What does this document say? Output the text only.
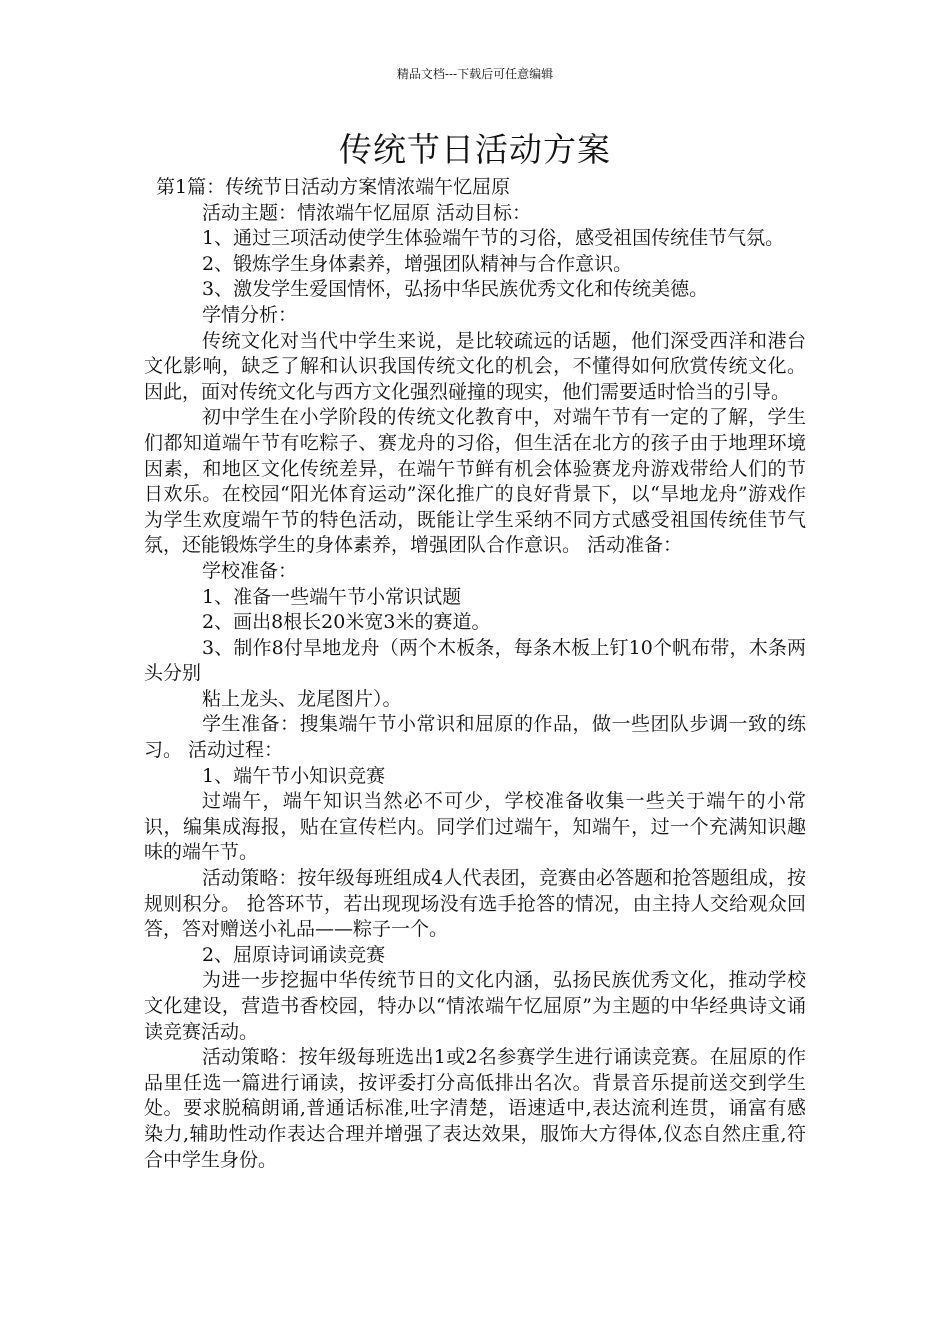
精品文档---下载后可任意编辑
传统节日活动方案

第1篇：传统节日活动方案情浓端午忆屈原

活动主题：情浓端午忆屈原 活动目标：

1、通过三项活动使学生体验端午节的习俗，感受祖国传统佳节气氛。

2、锻炼学生身体素养，增强团队精神与合作意识。

3、激发学生爱国情怀，弘扬中华民族优秀文化和传统美德。

学情分析：

传统文化对当代中学生来说，是比较疏远的话题，他们深受西洋和港台文化影响，缺乏了解和认识我国传统文化的机会，不懂得如何欣赏传统文化。因此，面对传统文化与西方文化强烈碰撞的现实，他们需要适时恰当的引导。

初中学生在小学阶段的传统文化教育中，对端午节有一定的了解，学生们都知道端午节有吃粽子、赛龙舟的习俗，但生活在北方的孩子由于地理环境因素，和地区文化传统差异，在端午节鲜有机会体验赛龙舟游戏带给人们的节日欢乐。在校园“阳光体育运动”深化推广的良好背景下，以“旱地龙舟”游戏作为学生欢度端午节的特色活动，既能让学生采纳不同方式感受祖国传统佳节气氛，还能锻炼学生的身体素养，增强团队合作意识。 活动准备：

学校准备：

1、准备一些端午节小常识试题

2、画出8根长20米宽3米的赛道。

3、制作8付旱地龙舟（两个木板条，每条木板上钉10个帆布带，木条两头分别

粘上龙头、龙尾图片）。

学生准备：搜集端午节小常识和屈原的作品，做一些团队步调一致的练习。 活动过程：

1、端午节小知识竞赛

过端午，端午知识当然必不可少，学校准备收集一些关于端午的小常识，编集成海报，贴在宣传栏内。同学们过端午，知端午，过一个充满知识趣味的端午节。

活动策略：按年级每班组成4人代表团，竞赛由必答题和抢答题组成，按规则积分。 抢答环节，若出现现场没有选手抢答的情况，由主持人交给观众回答，答对赠送小礼品——粽子一个。

2、屈原诗词诵读竞赛

为进一步挖掘中华传统节日的文化内涵，弘扬民族优秀文化，推动学校文化建设，营造书香校园，特办以“情浓端午忆屈原”为主题的中华经典诗文诵读竞赛活动。

活动策略：按年级每班选出1或2名参赛学生进行诵读竞赛。在屈原的作品里任选一篇进行诵读，按评委打分高低排出名次。背景音乐提前送交到学生处。要求脱稿朗诵,普通话标准,吐字清楚，语速适中,表达流利连贯，诵富有感染力,辅助性动作表达合理并增强了表达效果，服饰大方得体,仪态自然庄重,符合中学生身份。
